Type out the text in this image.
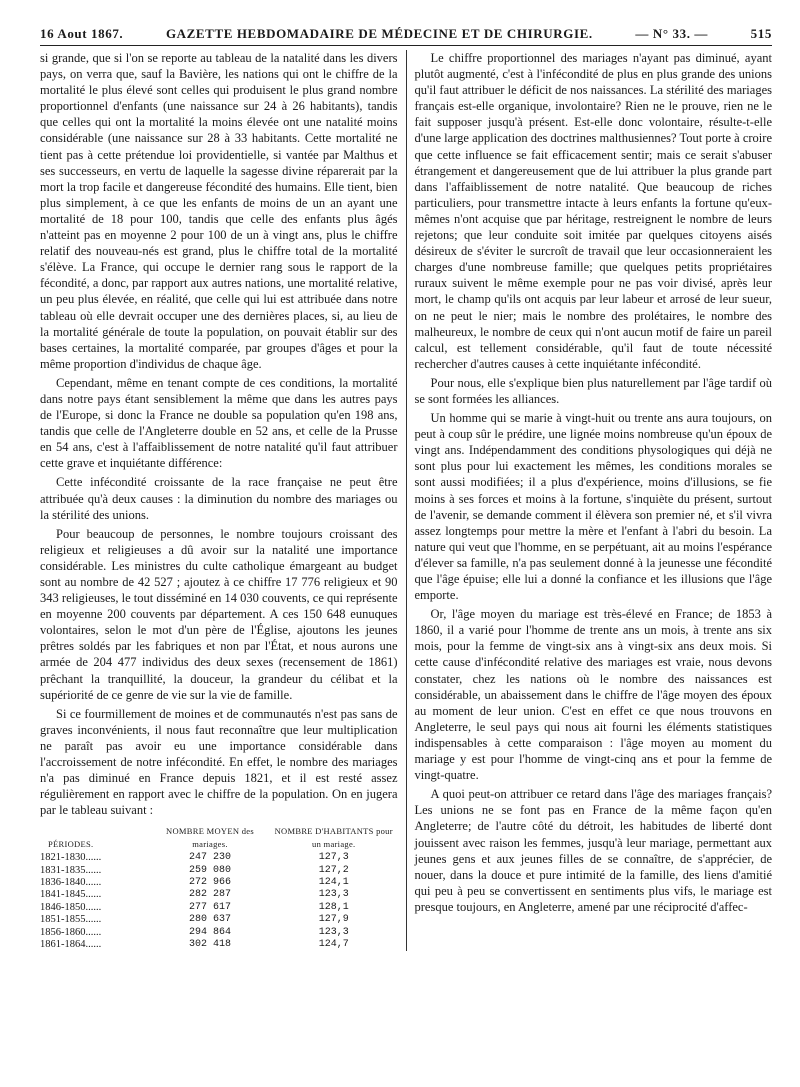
16 Aout 1867.	GAZETTE HEBDOMADAIRE DE MÉDECINE ET DE CHIRURGIE.	— N° 33. —	515

si grande, que si l'on se reporte au tableau de la natalité dans les divers pays, on verra que, sauf la Bavière, les nations qui ont le chiffre de la mortalité le plus élevé sont celles qui produisent le plus grand nombre proportionnel d'enfants (une naissance sur 24 à 26 habitants), tandis que celles qui ont la mortalité la moins élevée ont une natalité moins considérable (une naissance sur 28 à 33 habitants. Cette mortalité ne tient pas à cette prétendue loi providentielle, si vantée par Malthus et ses successeurs, en vertu de laquelle la sagesse divine réparerait par la mort la trop facile et dangereuse fécondité des humains. Elle tient, bien plus simplement, à ce que les enfants de moins de un an ayant une mortalité de 18 pour 100, tandis que celle des enfants plus âgés n'atteint pas en moyenne 2 pour 100 de un à vingt ans, plus le chiffre relatif des nouveau-nés est grand, plus le chiffre total de la mortalité s'élève. La France, qui occupe le dernier rang sous le rapport de la fécondité, a donc, par rapport aux autres nations, une mortalité relative, un peu plus élevée, en réalité, que celle qui lui est attribuée dans notre tableau où elle devrait occuper une des dernières places, si, au lieu de la mortalité générale de toute la population, on pouvait établir sur des bases certaines, la mortalité comparée, par groupes d'âges et pour la même proportion d'individus de chaque âge.

Cependant, même en tenant compte de ces conditions, la mortalité dans notre pays étant sensiblement la même que dans les autres pays de l'Europe, si donc la France ne double sa population qu'en 198 ans, tandis que celle de l'Angleterre double en 52 ans, et celle de la Prusse en 54 ans, c'est à l'affaiblissement de notre natalité qu'il faut attribuer cette grave et inquiétante différence:

Cette infécondité croissante de la race française ne peut être attribuée qu'à deux causes : la diminution du nombre des mariages ou la stérilité des unions.

Pour beaucoup de personnes, le nombre toujours croissant des religieux et religieuses a dû avoir sur la natalité une importance considérable. Les ministres du culte catholique émargeant au budget sont au nombre de 42 527 ; ajoutez à ce chiffre 17 776 religieux et 90 343 religieuses, le tout disséminé en 14 030 couvents, ce qui représente en moyenne 200 couvents par département. A ces 150 648 eunuques volontaires, selon le mot d'un père de l'Église, ajoutons les jeunes prêtres soldés par les fabriques et non par l'État, et nous aurons une armée de 204 477 individus des deux sexes (recensement de 1861) prêchant la tranquillité, la douceur, la grandeur du célibat et la supériorité de ce genre de vie sur la vie de famille.

Si ce fourmillement de moines et de communautés n'est pas sans de graves inconvénients, il nous faut reconnaître que leur multiplication ne paraît pas avoir eu une importance considérable dans l'accroissement de notre infécondité. En effet, le nombre des mariages n'a pas diminué en France depuis 1821, et il est resté assez régulièrement en rapport avec le chiffre de la population. On en jugera par le tableau suivant :

PÉRIODES.	NOMBRE MOYEN des mariages.	NOMBRE D'HABITANTS pour un mariage.
1821-1830......	247 230	127,3
1831-1835......	259 080	127,2
1836-1840......	272 966	124,1
1841-1845......	282 287	123,3
1846-1850......	277 617	128,1
1851-1855......	280 637	127,9
1856-1860......	294 864	123,3
1861-1864......	302 418	124,7

Le chiffre proportionnel des mariages n'ayant pas diminué, ayant plutôt augmenté, c'est à l'infécondité de plus en plus grande des unions qu'il faut attribuer le déficit de nos naissances. La stérilité des mariages français est-elle organique, involontaire? Rien ne le prouve, rien ne le fait supposer jusqu'à présent. Est-elle donc volontaire, résulte-t-elle d'une large application des doctrines malthusiennes? Tout porte à croire que cette influence se fait efficacement sentir; mais ce serait s'abuser étrangement et dangereusement que de lui attribuer la plus grande part dans l'affaiblissement de notre natalité. Que beaucoup de riches particuliers, pour transmettre intacte à leurs enfants la fortune qu'eux-mêmes n'ont acquise que par héritage, restreignent le nombre de leurs rejetons; que leur conduite soit imitée par quelques citoyens aisés désireux de s'éviter le surcroît de travail que leur occasionneraient les charges d'une nombreuse famille; que quelques petits propriétaires ruraux suivent le même exemple pour ne pas voir divisé, après leur mort, le champ qu'ils ont acquis par leur labeur et arrosé de leur sueur, on ne peut le nier; mais le nombre des prolétaires, le nombre des malheureux, le nombre de ceux qui n'ont aucun motif de faire un pareil calcul, est tellement considérable, qu'il faut de toute nécessité rechercher d'autres causes à cette inquiétante infécondité.

Pour nous, elle s'explique bien plus naturellement par l'âge tardif où se sont formées les alliances.

Un homme qui se marie à vingt-huit ou trente ans aura toujours, on peut à coup sûr le prédire, une lignée moins nombreuse qu'un époux de vingt ans. Indépendamment des conditions physologiques qui déjà ne sont plus pour lui exactement les mêmes, les conditions morales se sont aussi modifiées; il a plus d'expérience, moins d'illusions, se fie moins à ses forces et moins à la fortune, s'inquiète du présent, surtout de l'avenir, se demande comment il élèvera son premier né, et s'il vivra assez longtemps pour mettre la mère et l'enfant à l'abri du besoin. La nature qui veut que l'homme, en se perpétuant, ait au moins l'espérance d'élever sa famille, n'a pas seulement donné à la jeunesse une fécondité que l'âge épuise; elle lui a donné la confiance et les illusions que l'âge emporte.

Or, l'âge moyen du mariage est très-élevé en France; de 1853 à 1860, il a varié pour l'homme de trente ans un mois, à trente ans six mois, pour la femme de vingt-six ans à vingt-six ans deux mois. Si cette cause d'infécondité relative des mariages est vraie, nous devons constater, chez les nations où le nombre des naissances est considérable, un abaissement dans le chiffre de l'âge moyen des époux au moment de leur union. C'est en effet ce que nous trouvons en Angleterre, le seul pays qui nous ait fourni les éléments statistiques indispensables à cette comparaison : l'âge moyen au moment du mariage y est pour l'homme de vingt-cinq ans et pour la femme de vingt-quatre.

A quoi peut-on attribuer ce retard dans l'âge des mariages français? Les unions ne se font pas en France de la même façon qu'en Angleterre; de l'autre côté du détroit, les habitudes de liberté dont jouissent avec raison les femmes, jusqu'à leur mariage, permettant aux jeunes gens et aux jeunes filles de se connaître, de s'apprécier, de nouer, dans la douce et pure intimité de la famille, des liens d'amitié qui peu à peu se convertissent en sentiments plus vifs, le mariage est presque toujours, en Angleterre, amené par une réciprocité d'affec-
